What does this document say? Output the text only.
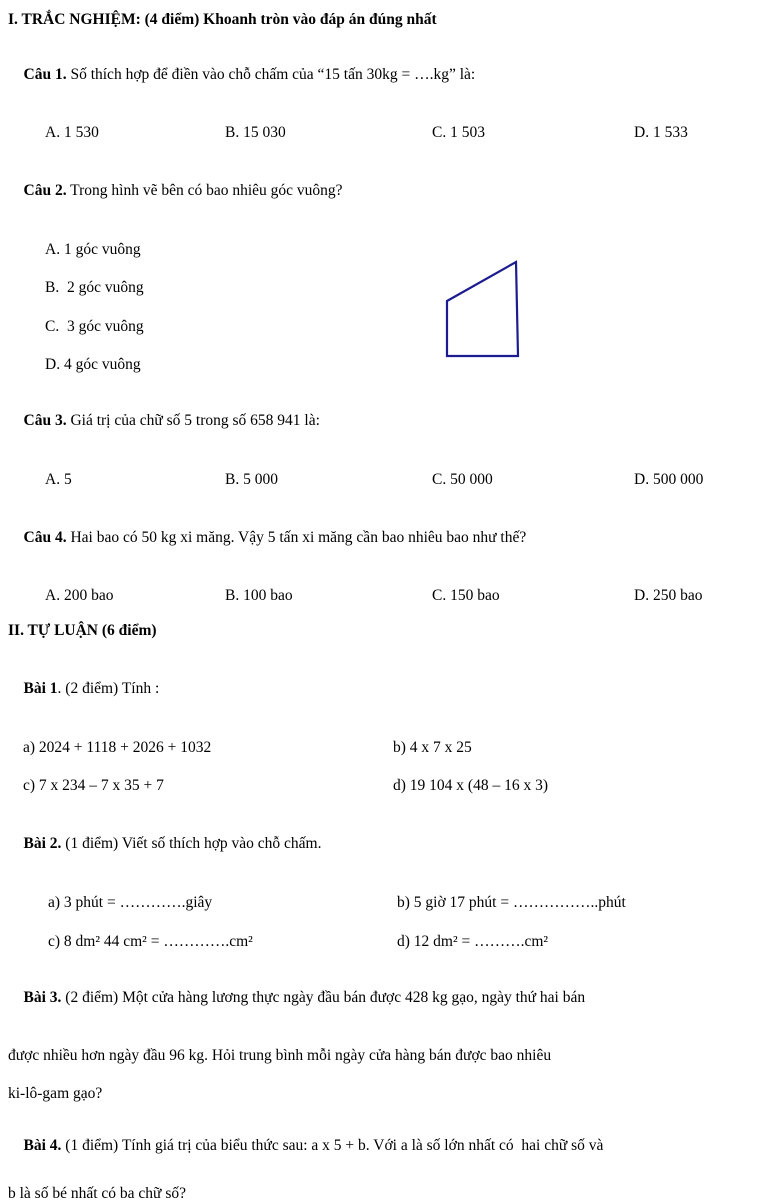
I. TRẮC NGHIỆM: (4 điểm) Khoanh tròn vào đáp án đúng nhất

Câu 1. Số thích hợp để điền vào chỗ chấm của “15 tấn 30kg = ….kg” là:

A. 1 530	B. 15 030	C. 1 503	D. 1 533

Câu 2. Trong hình vẽ bên có bao nhiêu góc vuông?

A. 1 góc vuông
B.  2 góc vuông
C.  3 góc vuông
D. 4 góc vuông

Câu 3. Giá trị của chữ số 5 trong số 658 941 là:

A. 5	B. 5 000	C. 50 000	D. 500 000

Câu 4. Hai bao có 50 kg xi măng. Vậy 5 tấn xi măng cần bao nhiêu bao như thế?

A. 200 bao	B. 100 bao	C. 150 bao	D. 250 bao
II. TỰ LUẬN (6 điểm)

Bài 1. (2 điểm) Tính :

a) 2024 + 1118 + 2026 + 1032	b) 4 x 7 x 25
c) 7 x 234 – 7 x 35 + 7	d) 19 104 x (48 – 16 x 3)

Bài 2. (1 điểm) Viết số thích hợp vào chỗ chấm.

a) 3 phút = ………….giây	b) 5 giờ 17 phút = ……………..phút
c) 8 dm² 44 cm² = ………….cm²	d) 12 dm² = ……….cm²

Bài 3. (2 điểm) Một cửa hàng lương thực ngày đầu bán được 428 kg gạo, ngày thứ hai bán

được nhiều hơn ngày đầu 96 kg. Hỏi trung bình mỗi ngày cửa hàng bán được bao nhiêu
ki-lô-gam gạo?

Bài 4. (1 điểm) Tính giá trị của biểu thức sau: a x 5 + b. Với a là số lớn nhất có  hai chữ số và

b là số bé nhất có ba chữ số?
